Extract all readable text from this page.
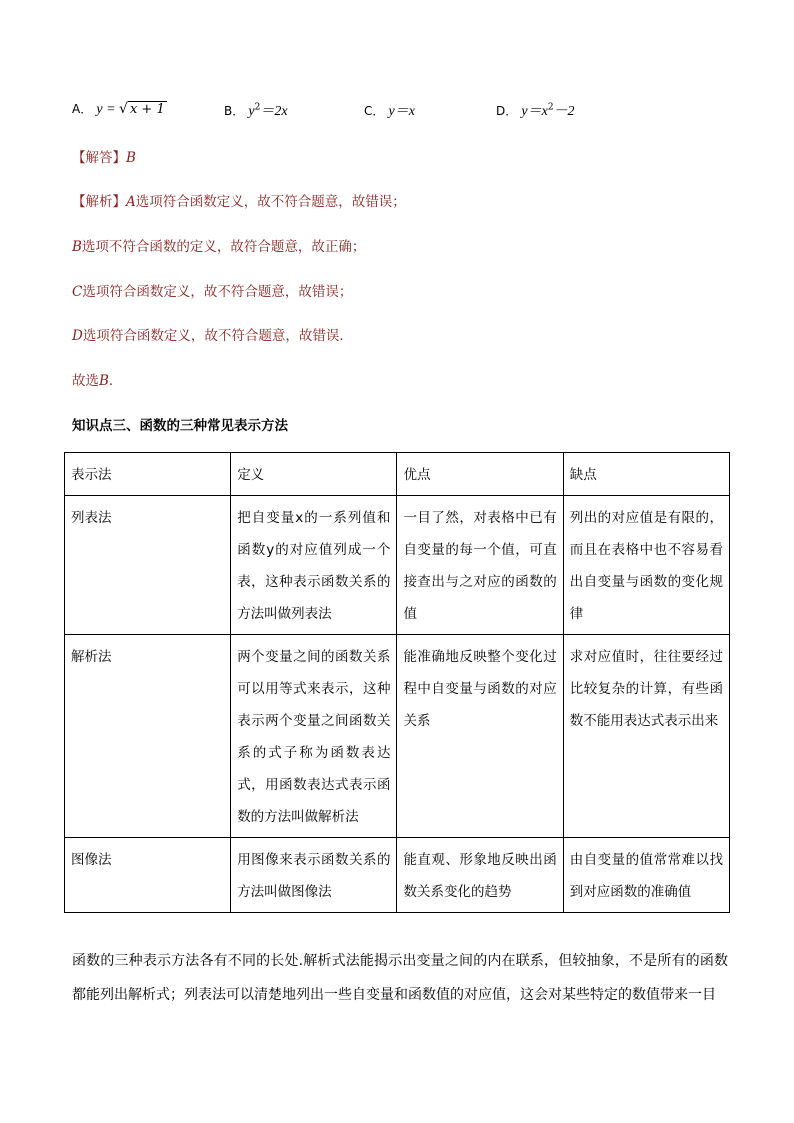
A． y = √ x + 1	B． $y^2=2x$	C． y＝x	D． $y=x^2-2$
【解答】B
【解析】A选项符合函数定义，故不符合题意，故错误；
B选项不符合函数的定义，故符合题意，故正确；
C选项符合函数定义，故不符合题意，故错误；
D选项符合函数定义，故不符合题意，故错误．
故选B．
知识点三、函数的三种常见表示方法
表示法	定义	优点	缺点
列表法	把自变量x的一系列值和函数y的对应值列成一个表，这种表示函数关系的方法叫做列表法	一目了然，对表格中已有自变量的每一个值，可直接查出与之对应的函数的值	列出的对应值是有限的，而且在表格中也不容易看出自变量与函数的变化规律

解析法	两个变量之间的函数关系可以用等式来表示，这种表示两个变量之间函数关系的式子称为函数表达式，用函数表达式表示函数的方法叫做解析法	能准确地反映整个变化过程中自变量与函数的对应关系	求对应值时，往往要经过比较复杂的计算，有些函数不能用表达式表示出来

图像法	用图像来表示函数关系的方法叫做图像法	能直观、形象地反映出函数关系变化的趋势	由自变量的值常常难以找到对应函数的准确值
函数的三种表示方法各有不同的长处.解析式法能揭示出变量之间的内在联系，但较抽象，不是所有的函数都能列出解析式；列表法可以清楚地列出一些自变量和函数值的对应值，这会对某些特定的数值带来一目
